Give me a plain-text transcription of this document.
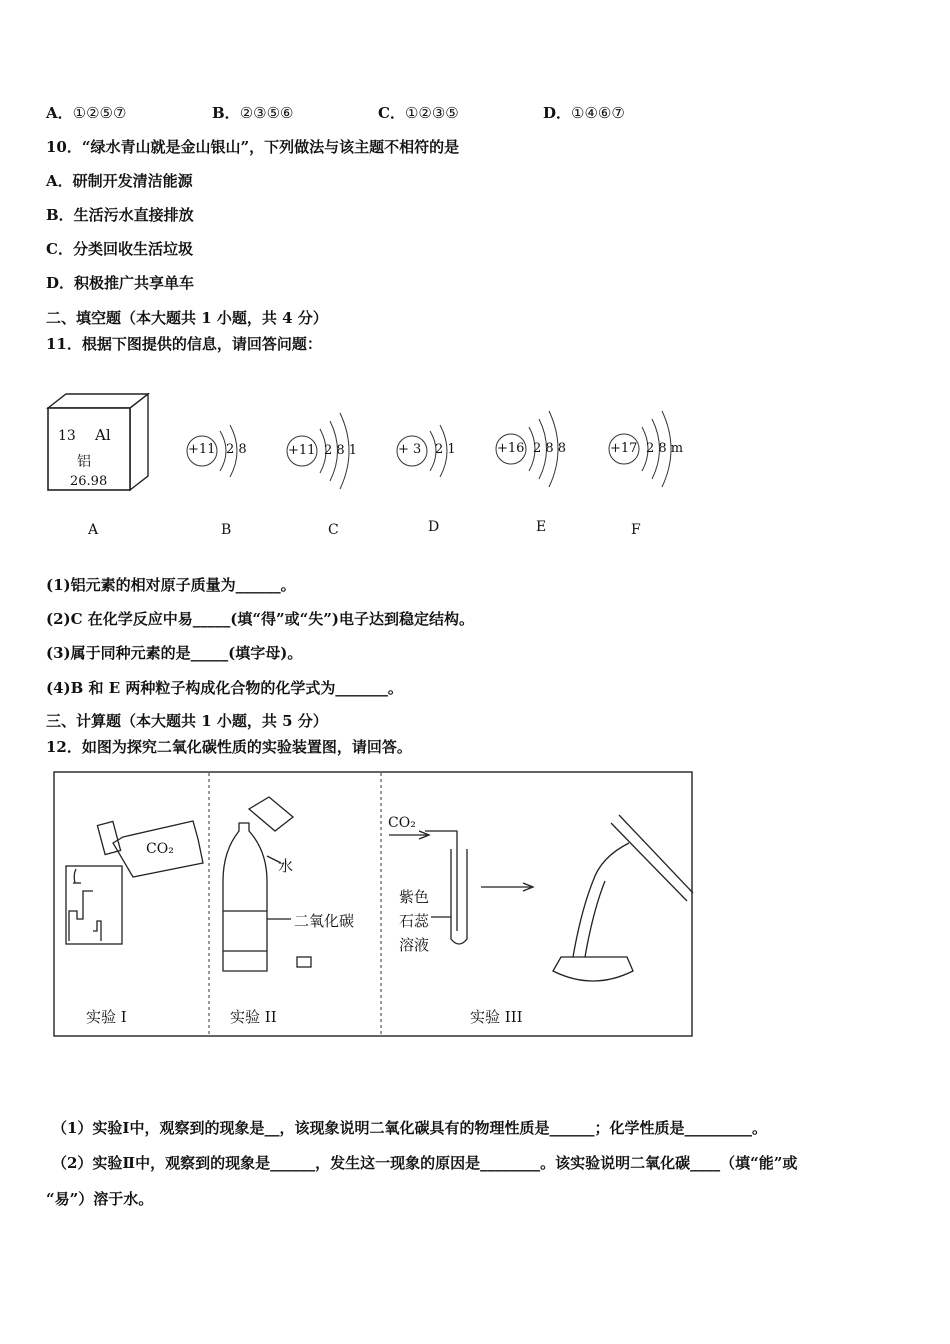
A．①②⑤⑦	B．②③⑤⑥	C．①②③⑤	D．①④⑥⑦
10．“绿水青山就是金山银山”，下列做法与该主题不相符的是
A．研制开发清洁能源
B．生活污水直接排放
C．分类回收生活垃圾
D．积极推广共享单车
二、填空题（本大题共 1 小题，共 4 分）
11．根据下图提供的信息，请回答问题：
13 Al
铝
26.98
+11 2 8	+11 2 8 1	+ 3 2 1	+16 2 8 8	+17 2 8 m
A	B	C	D	E	F
(1)铝元素的相对原子质量为______。
(2)C 在化学反应中易_____(填“得”或“失”)电子达到稳定结构。
(3)属于同种元素的是_____(填字母)。
(4)B 和 E 两种粒子构成化合物的化学式为_______。
三、计算题（本大题共 1 小题，共 5 分）
12．如图为探究二氧化碳性质的实验装置图，请回答。
CO₂
水
二氧化碳
CO₂
紫色
石蕊
溶液
实验 I	实验 II	实验 III
（1）实验Ⅰ中，观察到的现象是__，该现象说明二氧化碳具有的物理性质是______；化学性质是_________。
（2）实验Ⅱ中，观察到的现象是______，发生这一现象的原因是________。该实验说明二氧化碳____（填“能”或
“易”）溶于水。
